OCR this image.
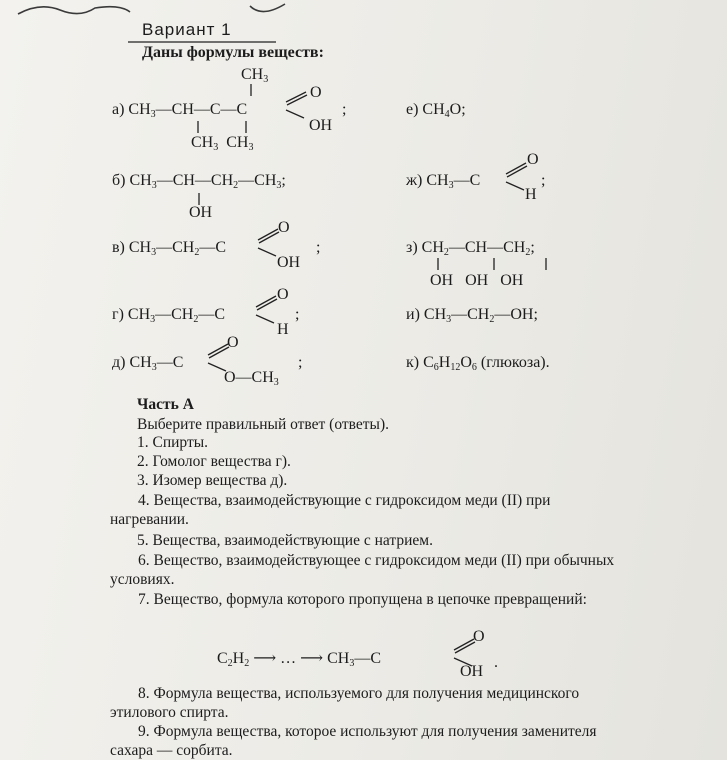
Вариант 1
Даны формулы веществ:
$CH_3$
а) $CH_3—CH—C—C$
O
OH
;
$CH_3$  $CH_3$
е) $CH_4O$;
б) $CH_3—CH—CH_2—CH_3$;
OH
ж) $CH_3—C$
O
H
;
в) $CH_3—CH_2—C$
O
OH
;	з) $CH_2—CH—CH_2$;
OH   OH   OH
г) $CH_3—CH_2—C$
O
H
;	и) $CH_3—CH_2—OH$;
д) $CH_3—C$
O
$O—CH_3$
;	к) $C_6H_{12}O_6$ (глюкоза).
Часть А
Выберите правильный ответ (ответы).
1. Спирты.
2. Гомолог вещества г).
3. Изомер вещества д).
4. Вещества, взаимодействующие с гидроксидом меди (II) при нагревании.
5. Вещества, взаимодействующие с натрием.
6. Вещество, взаимодействующее с гидроксидом меди (II) при обычных условиях.
7. Вещество, формула которого пропущена в цепочке превращений:
$C_2H_2$ ⟶ … ⟶ $CH_3—C$
O
OH
.
8. Формула вещества, используемого для получения медицинского этилового спирта.
9. Формула вещества, которое используют для получения заменителя сахара — сорбита.
